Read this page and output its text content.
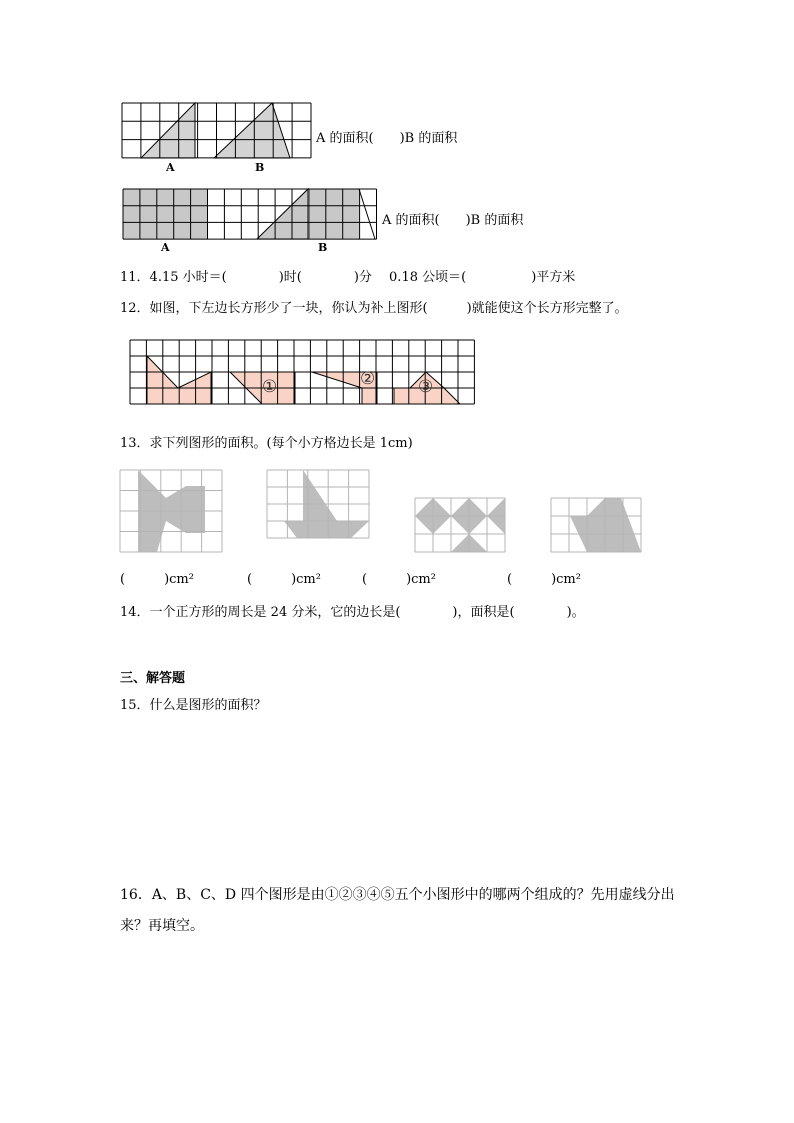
A	B
A 的面积(　　)B 的面积
A	B
A 的面积(　　)B 的面积
11．4.15 小时＝(　　　　)时(　　　　)分　 0.18 公顷＝(　　　　　)平方米
12．如图，下左边长方形少了一块，你认为补上图形(　　　)就能使这个长方形完整了。
①	②	③
13．求下列图形的面积。(每个小方格边长是 1cm)
(　　　)cm²	(　　　)cm²	(　　　)cm²	(　　　)cm²
14．一个正方形的周长是 24 分米，它的边长是(　　　　)，面积是(　　　　)。
三、解答题
15．什么是图形的面积？
16．A、B、C、D 四个图形是由①②③④⑤五个小图形中的哪两个组成的？先用虚线分出
来？再填空。
